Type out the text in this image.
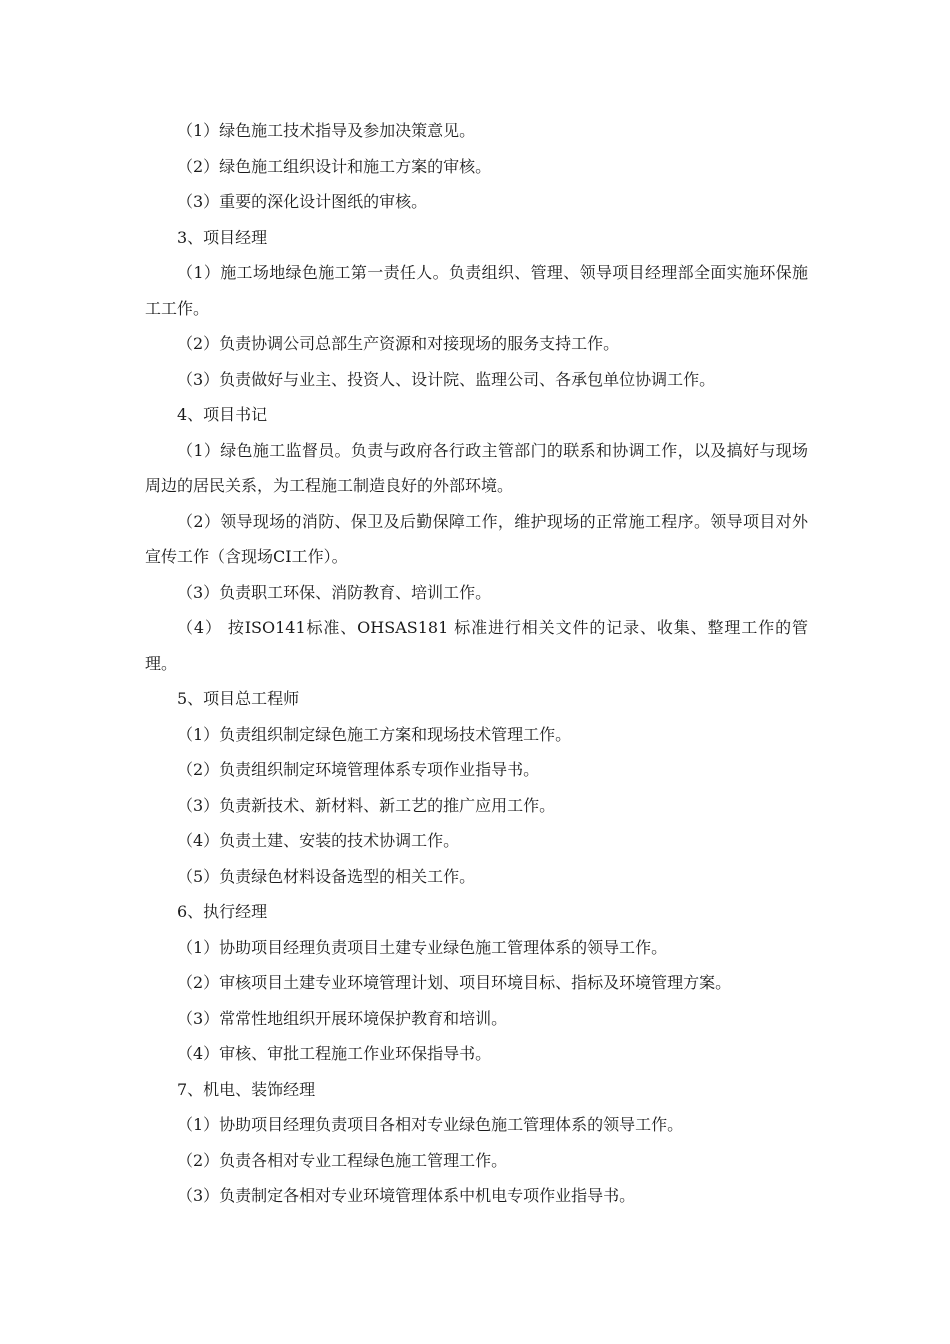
（1）绿色施工技术指导及参加决策意见。

（2）绿色施工组织设计和施工方案的审核。

（3）重要的深化设计图纸的审核。

3、项目经理

（1）施工场地绿色施工第一责任人。负责组织、管理、领导项目经理部全面实施环保施工工作。

（2）负责协调公司总部生产资源和对接现场的服务支持工作。

（3）负责做好与业主、投资人、设计院、监理公司、各承包单位协调工作。

4、项目书记

（1）绿色施工监督员。负责与政府各行政主管部门的联系和协调工作，以及搞好与现场周边的居民关系，为工程施工制造良好的外部环境。

（2）领导现场的消防、保卫及后勤保障工作，维护现场的正常施工程序。领导项目对外宣传工作（含现场CI工作）。

（3）负责职工环保、消防教育、培训工作。

（4） 按ISO141标准、OHSAS181 标准进行相关文件的记录、收集、整理工作的管理。

5、项目总工程师

（1）负责组织制定绿色施工方案和现场技术管理工作。

（2）负责组织制定环境管理体系专项作业指导书。

（3）负责新技术、新材料、新工艺的推广应用工作。

（4）负责土建、安装的技术协调工作。

（5）负责绿色材料设备选型的相关工作。

6、执行经理

（1）协助项目经理负责项目土建专业绿色施工管理体系的领导工作。

（2）审核项目土建专业环境管理计划、项目环境目标、指标及环境管理方案。

（3）常常性地组织开展环境保护教育和培训。

（4）审核、审批工程施工作业环保指导书。

7、机电、装饰经理

（1）协助项目经理负责项目各相对专业绿色施工管理体系的领导工作。

（2）负责各相对专业工程绿色施工管理工作。

（3）负责制定各相对专业环境管理体系中机电专项作业指导书。
